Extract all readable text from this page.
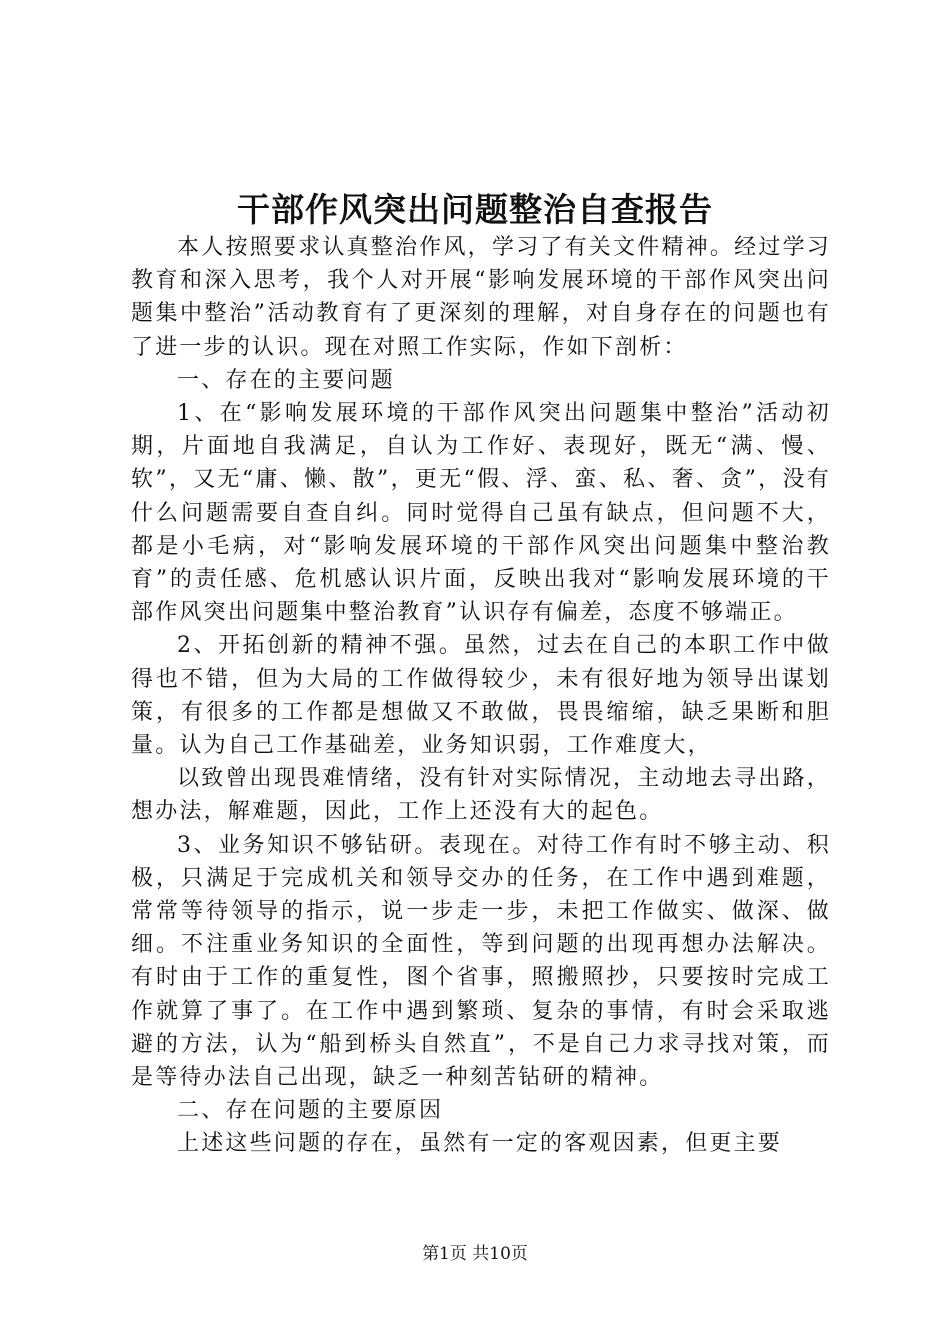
干部作风突出问题整治自查报告

本人按照要求认真整治作风，学习了有关文件精神。经过学习教育和深入思考，我个人对开展“影响发展环境的干部作风突出问题集中整治”活动教育有了更深刻的理解，对自身存在的问题也有了进一步的认识。现在对照工作实际，作如下剖析：

一、存在的主要问题

1、在“影响发展环境的干部作风突出问题集中整治”活动初期，片面地自我满足，自认为工作好、表现好，既无“满、慢、软”，又无“庸、懒、散”，更无“假、浮、蛮、私、奢、贪”，没有什么问题需要自查自纠。同时觉得自己虽有缺点，但问题不大，都是小毛病，对“影响发展环境的干部作风突出问题集中整治教育”的责任感、危机感认识片面，反映出我对“影响发展环境的干部作风突出问题集中整治教育”认识存有偏差，态度不够端正。

2、开拓创新的精神不强。虽然，过去在自己的本职工作中做得也不错，但为大局的工作做得较少，未有很好地为领导出谋划策，有很多的工作都是想做又不敢做，畏畏缩缩，缺乏果断和胆量。认为自己工作基础差，业务知识弱，工作难度大，

以致曾出现畏难情绪，没有针对实际情况，主动地去寻出路，想办法，解难题，因此，工作上还没有大的起色。

3、业务知识不够钻研。表现在。对待工作有时不够主动、积极，只满足于完成机关和领导交办的任务，在工作中遇到难题，常常等待领导的指示，说一步走一步，未把工作做实、做深、做细。不注重业务知识的全面性，等到问题的出现再想办法解决。有时由于工作的重复性，图个省事，照搬照抄，只要按时完成工作就算了事了。在工作中遇到繁琐、复杂的事情，有时会采取逃避的方法，认为“船到桥头自然直”，不是自己力求寻找对策，而是等待办法自己出现，缺乏一种刻苦钻研的精神。

二、存在问题的主要原因

上述这些问题的存在，虽然有一定的客观因素，但更主要

第1页 共10页
